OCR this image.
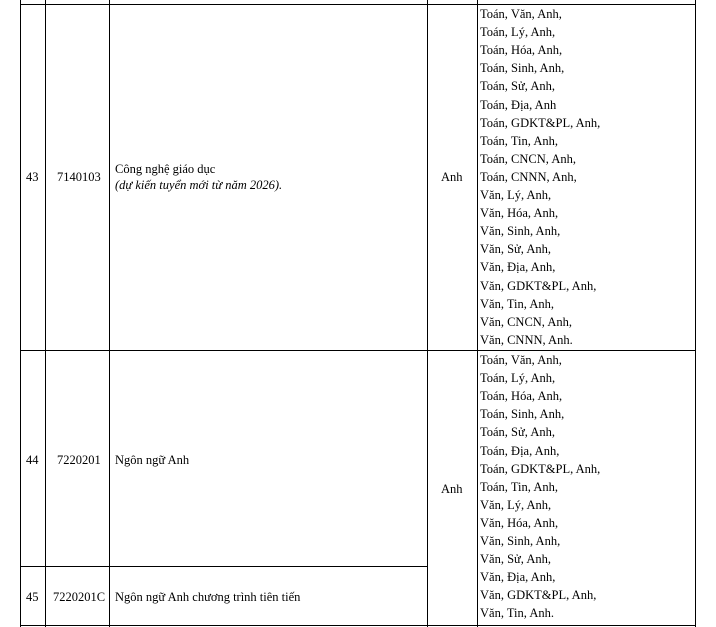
43 7140103
Công nghệ giáo dục
(dự kiến tuyển mới từ năm 2026).
Anh
Toán, Văn, Anh,
Toán, Lý, Anh,
Toán, Hóa, Anh,
Toán, Sinh, Anh,
Toán, Sử, Anh,
Toán, Địa, Anh
Toán, GDKT&PL, Anh,
Toán, Tin, Anh,
Toán, CNCN, Anh,
Toán, CNNN, Anh,
Văn, Lý, Anh,
Văn, Hóa, Anh,
Văn, Sinh, Anh,
Văn, Sử, Anh,
Văn, Địa, Anh,
Văn, GDKT&PL, Anh,
Văn, Tin, Anh,
Văn, CNCN, Anh,
Văn, CNNN, Anh.
44 7220201 Ngôn ngữ Anh
Anh
Toán, Văn, Anh,
Toán, Lý, Anh,
Toán, Hóa, Anh,
Toán, Sinh, Anh,
Toán, Sử, Anh,
Toán, Địa, Anh,
Toán, GDKT&PL, Anh,
Toán, Tin, Anh,
Văn, Lý, Anh,
Văn, Hóa, Anh,
Văn, Sinh, Anh,
Văn, Sử, Anh,
Văn, Địa, Anh,
Văn, GDKT&PL, Anh,
Văn, Tin, Anh.
45 7220201C Ngôn ngữ Anh chương trình tiên tiến
